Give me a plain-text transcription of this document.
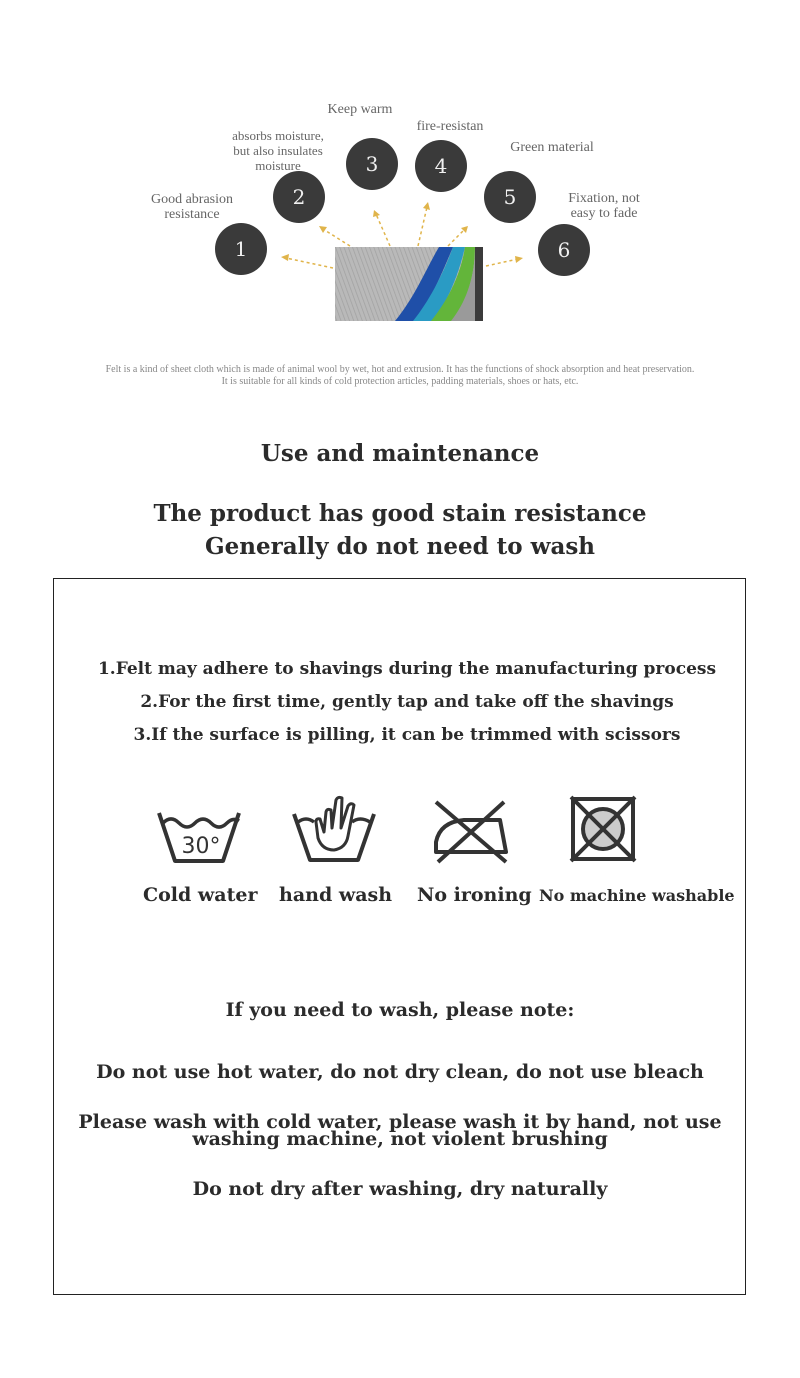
1
2
3	4
5
6
Good abrasion
resistance
absorbs moisture,
but also insulates
moisture
Keep warm
fire-resistan
Green material
Fixation, not
easy to fade
Felt is a kind of sheet cloth which is made of animal wool by wet, hot and extrusion. It has the functions of shock absorption and heat preservation.
It is suitable for all kinds of cold protection articles, padding materials, shoes or hats, etc.
Use and maintenance
The product has good stain resistance
Generally do not need to wash
1.Felt may adhere to shavings during the manufacturing process
2.For the first time, gently tap and take off the shavings
3.If the surface is pilling, it can be trimmed with scissors
30°
Cold water hand wash No ironing No machine washable
If you need to wash, please note:
Do not use hot water, do not dry clean, do not use bleach
Please wash with cold water, please wash it by hand, not use
washing machine, not violent brushing
Do not dry after washing, dry naturally
